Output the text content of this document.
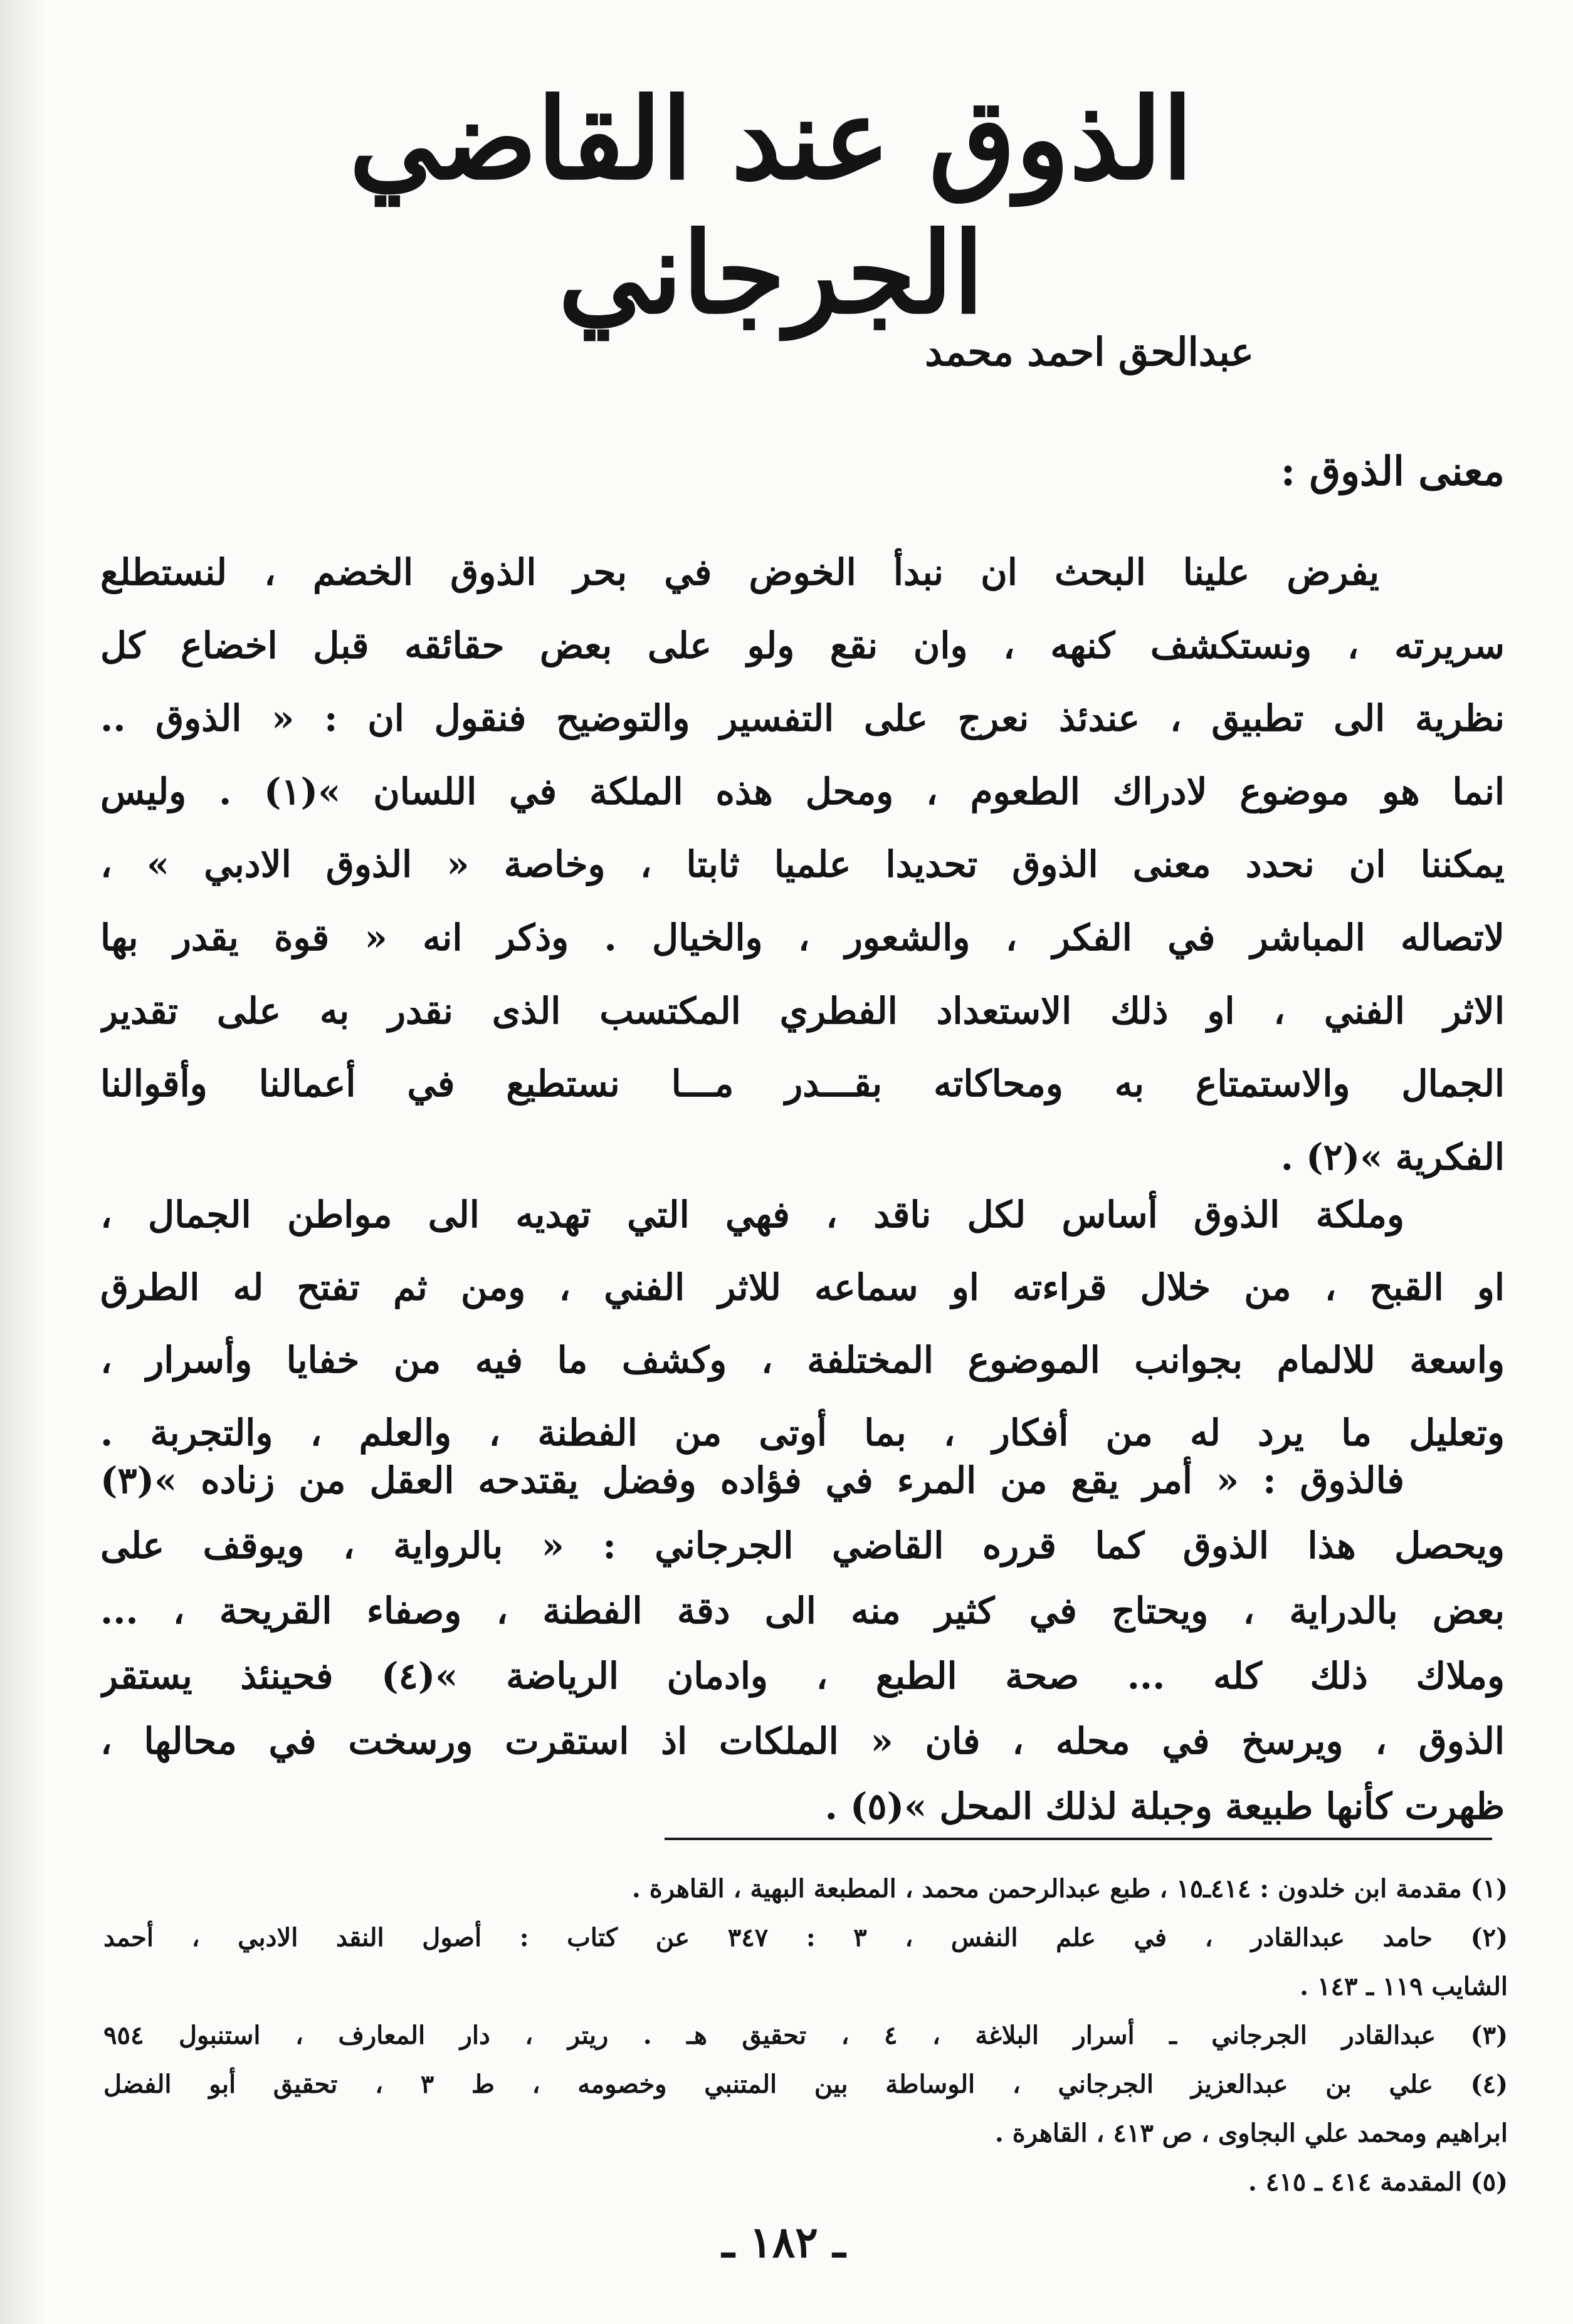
الذوق عند القاضي الجرجاني
عبدالحق احمد محمد
معنى الذوق :
يفرض علينا البحث ان نبدأ الخوض في بحر الذوق الخضم ، لنستطلع
سريرته ، ونستكشف كنهه ، وان نقع ولو على بعض حقائقه قبل اخضاع كل
نظرية الى تطبيق ، عندئذ نعرج على التفسير والتوضيح فنقول ان : « الذوق ..
انما هو موضوع لادراك الطعوم ، ومحل هذه الملكة في اللسان »(١) . وليس
يمكننا ان نحدد معنى الذوق تحديدا علميا ثابتا ، وخاصة « الذوق الادبي » ،
لاتصاله المباشر في الفكر ، والشعور ، والخيال . وذكر انه « قوة يقدر بها
الاثر الفني ، او ذلك الاستعداد الفطري المكتسب الذى نقدر به على تقدير
الجمال والاستمتاع به ومحاكاته بقـــدر مـــا نستطيع في أعمالنا وأقوالنا
الفكرية »(٢) .
وملكة الذوق أساس لكل ناقد ، فهي التي تهديه الى مواطن الجمال ،
او القبح ، من خلال قراءته او سماعه للاثر الفني ، ومن ثم تفتح له الطرق
واسعة للالمام بجوانب الموضوع المختلفة ، وكشف ما فيه من خفايا وأسرار ،
وتعليل ما يرد له من أفكار ، بما أوتى من الفطنة ، والعلم ، والتجربة .
فالذوق : « أمر يقع من المرء في فؤاده وفضل يقتدحه العقل من زناده »(٣)
ويحصل هذا الذوق كما قرره القاضي الجرجاني : « بالرواية ، ويوقف على
بعض بالدراية ، ويحتاج في كثير منه الى دقة الفطنة ، وصفاء القريحة ، ...
وملاك ذلك كله ... صحة الطبع ، وادمان الرياضة »(٤) فحينئذ يستقر
الذوق ، ويرسخ في محله ، فان « الملكات اذ استقرت ورسخت في محالها ،
ظهرت كأنها طبيعة وجبلة لذلك المحل »(٥) .
(١) مقدمة ابن خلدون : ٤١٤ـ١٥ ، طبع عبدالرحمن محمد ، المطبعة البهية ، القاهرة .
(٢) حامد عبدالقادر ، في علم النفس ، ٣ : ٣٤٧ عن كتاب : أصول النقد الادبي ، أحمد
الشايب ١١٩ ـ ١٤٣ .
(٣) عبدالقادر الجرجاني ـ أسرار البلاغة ، ٤ ، تحقيق هـ . ريتر ، دار المعارف ، استنبول ٩٥٤
(٤) علي بن عبدالعزيز الجرجاني ، الوساطة بين المتنبي وخصومه ، ط ٣ ، تحقيق أبو الفضل
ابراهيم ومحمد علي البجاوى ، ص ٤١٣ ، القاهرة .
(٥) المقدمة ٤١٤ ـ ٤١٥ .
ـ ١٨٢ ـ
